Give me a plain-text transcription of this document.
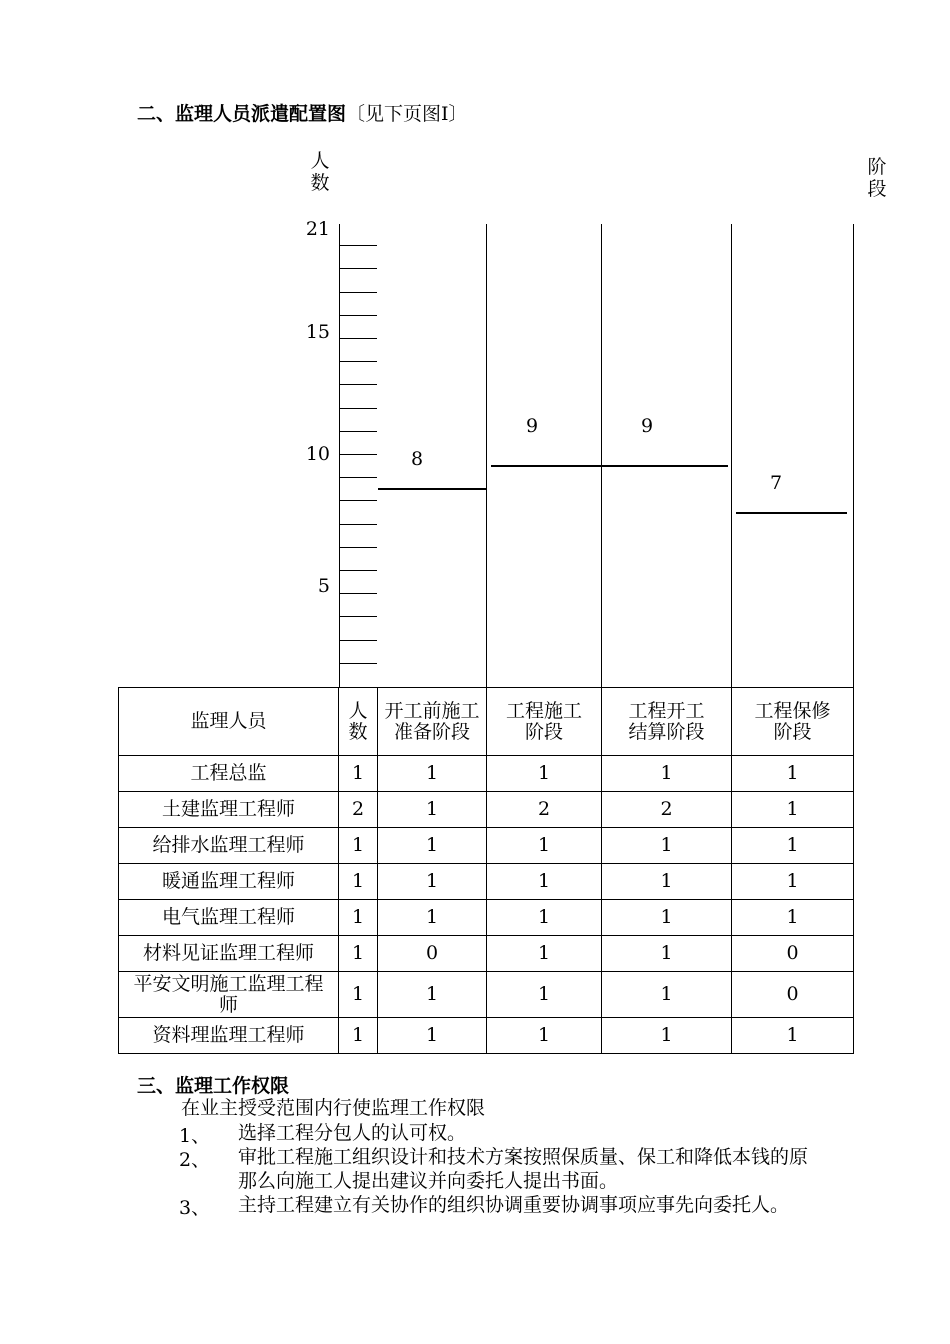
二、监理人员派遣配置图〔见下页图Ⅰ〕
人数
阶段
5
10
15
21
8
9	9
7
监理人员	人数	开工前施工准备阶段	工程施工阶段	工程开工结算阶段	工程保修阶段

工程总监	1	1	1	1	1

土建监理工程师	2	1	2	2	1

给排水监理工程师	1	1	1	1	1

暖通监理工程师	1	1	1	1	1

电气监理工程师	1	1	1	1	1

材料见证监理工程师	1	0	1	1	0

平安文明施工监理工程师	1	1	1	1	0

资料理监理工程师	1	1	1	1	1
三、监理工作权限
在业主授受范围内行使监理工作权限
1、 选择工程分包人的认可权。
2、 审批工程施工组织设计和技术方案按照保质量、保工和降低本钱的原那么向施工人提出建议并向委托人提出书面。
3、 主持工程建立有关协作的组织协调重要协调事项应事先向委托人。
